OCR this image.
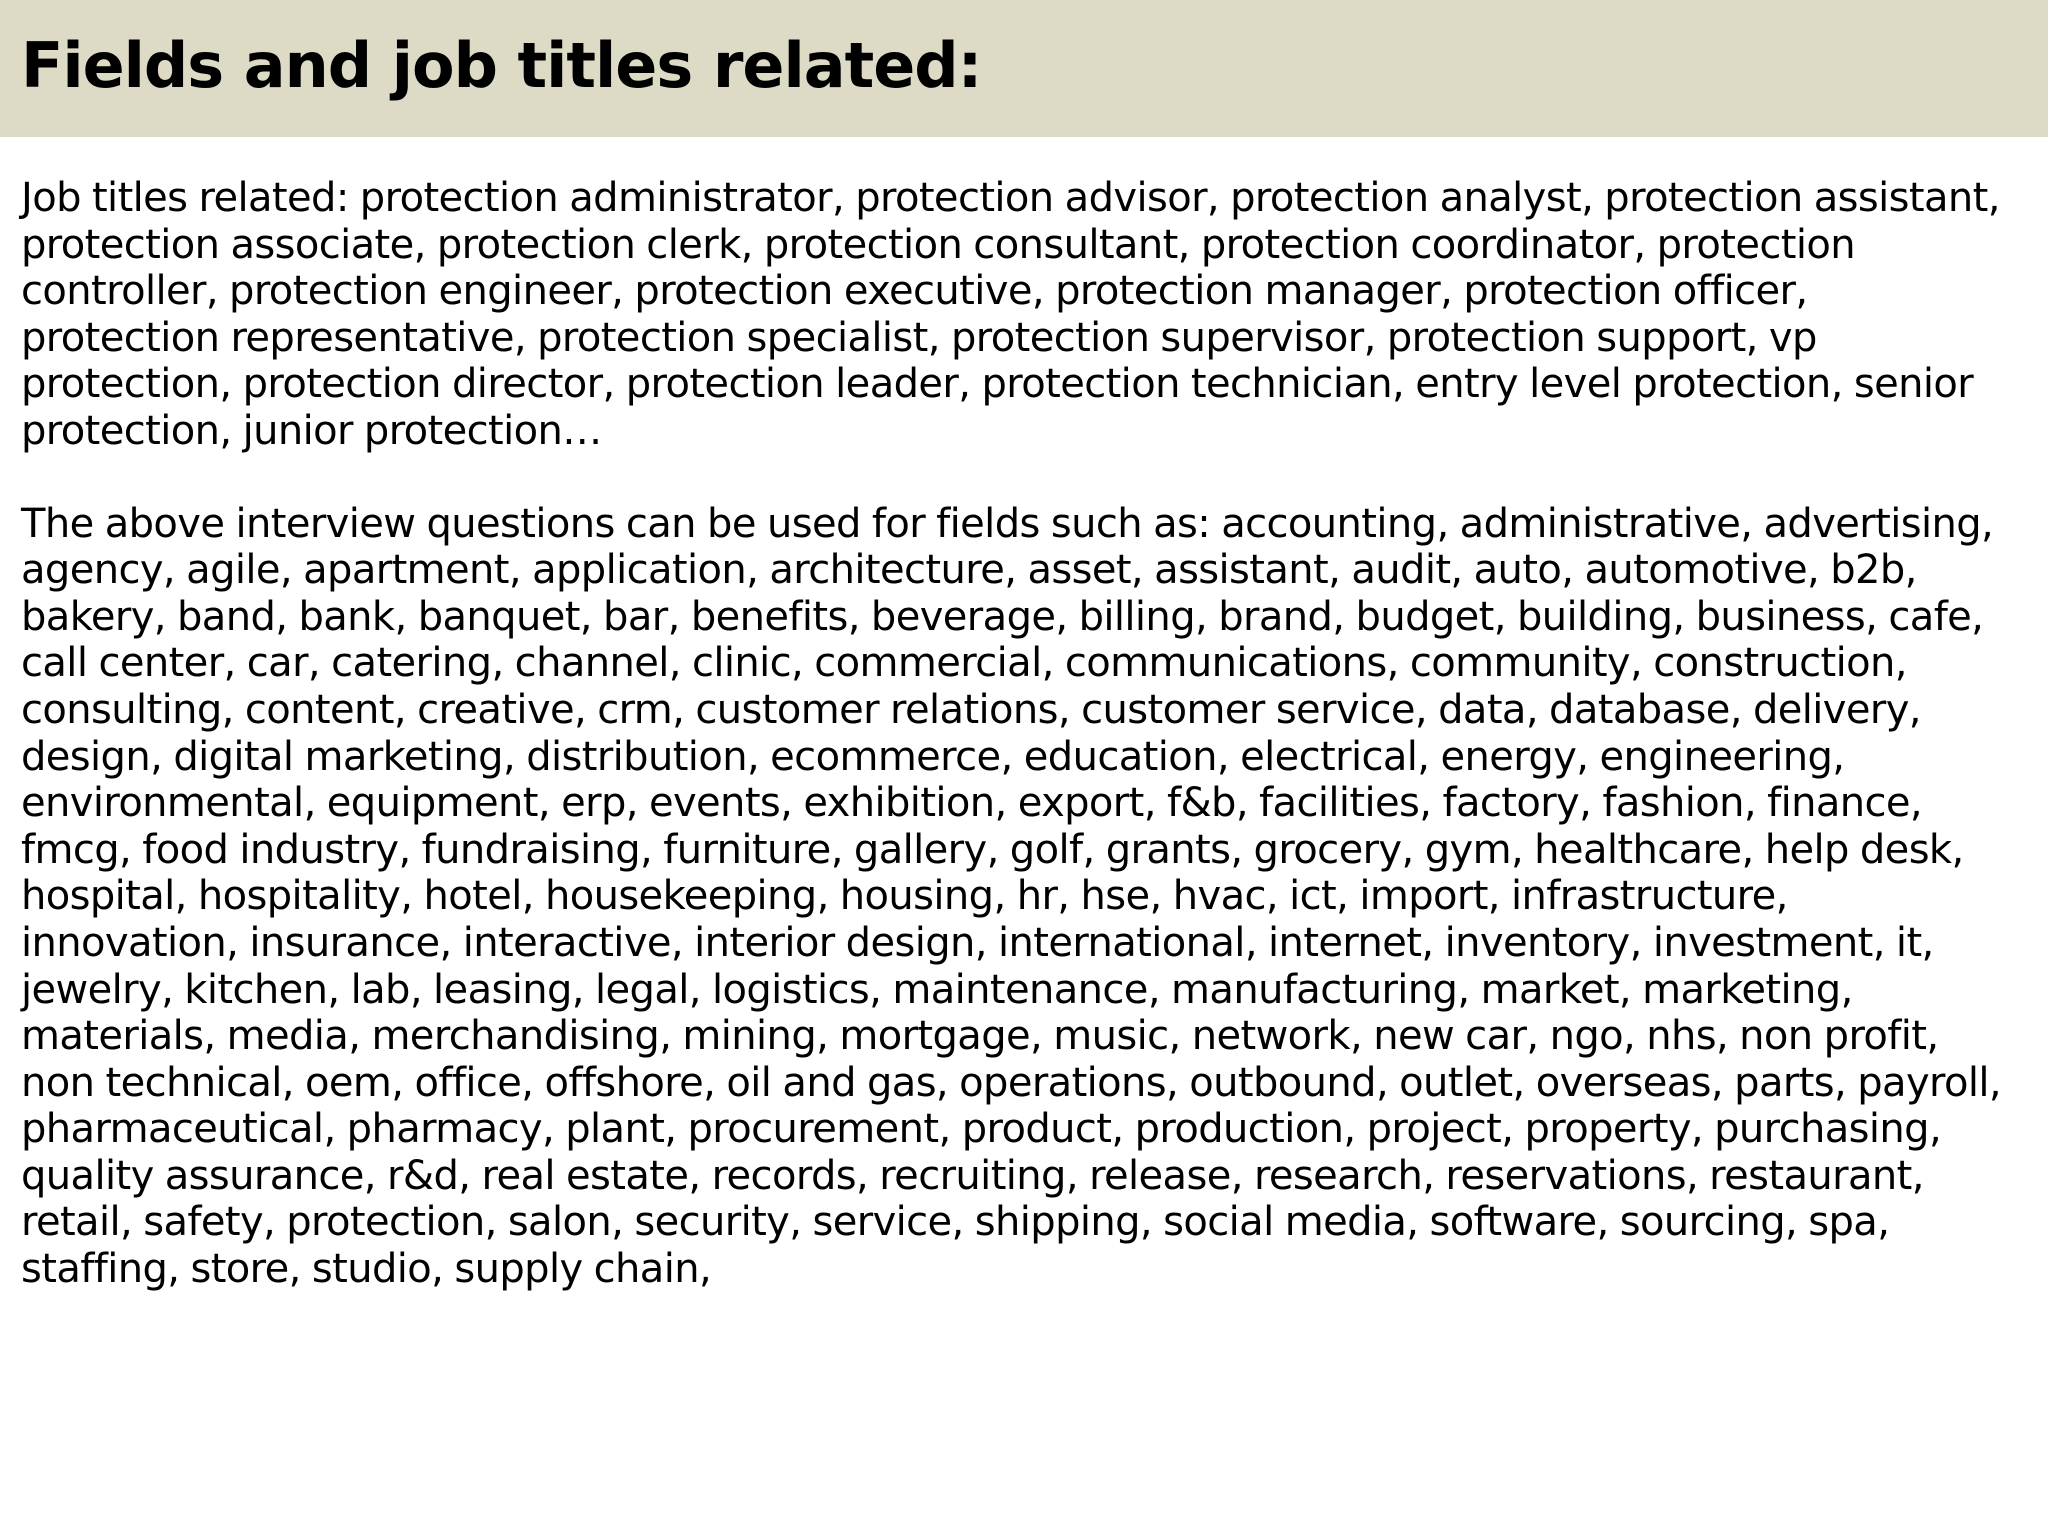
Fields and job titles related:

Job titles related: protection administrator, protection advisor, protection analyst, protection assistant,
protection associate, protection clerk, protection consultant, protection coordinator, protection
controller, protection engineer, protection executive, protection manager, protection officer,
protection representative, protection specialist, protection supervisor, protection support, vp
protection, protection director, protection leader, protection technician, entry level protection, senior
protection, junior protection…

The above interview questions can be used for fields such as: accounting, administrative, advertising,
agency, agile, apartment, application, architecture, asset, assistant, audit, auto, automotive, b2b,
bakery, band, bank, banquet, bar, benefits, beverage, billing, brand, budget, building, business, cafe,
call center, car, catering, channel, clinic, commercial, communications, community, construction,
consulting, content, creative, crm, customer relations, customer service, data, database, delivery,
design, digital marketing, distribution, ecommerce, education, electrical, energy, engineering,
environmental, equipment, erp, events, exhibition, export, f&b, facilities, factory, fashion, finance,
fmcg, food industry, fundraising, furniture, gallery, golf, grants, grocery, gym, healthcare, help desk,
hospital, hospitality, hotel, housekeeping, housing, hr, hse, hvac, ict, import, infrastructure,
innovation, insurance, interactive, interior design, international, internet, inventory, investment, it,
jewelry, kitchen, lab, leasing, legal, logistics, maintenance, manufacturing, market, marketing,
materials, media, merchandising, mining, mortgage, music, network, new car, ngo, nhs, non profit,
non technical, oem, office, offshore, oil and gas, operations, outbound, outlet, overseas, parts, payroll,
pharmaceutical, pharmacy, plant, procurement, product, production, project, property, purchasing,
quality assurance, r&d, real estate, records, recruiting, release, research, reservations, restaurant,
retail, safety, protection, salon, security, service, shipping, social media, software, sourcing, spa,
staffing, store, studio, supply chain,
